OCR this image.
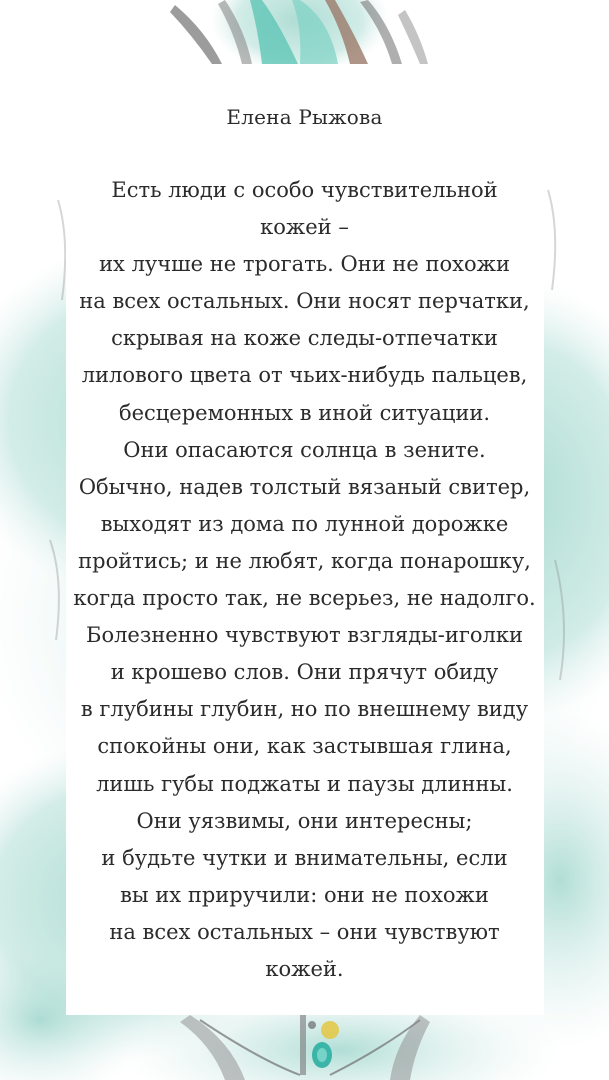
Елена Рыжова
Есть люди с особо чувствительной
кожей –
их лучше не трогать. Они не похожи
на всех остальных. Они носят перчатки,
скрывая на коже следы-отпечатки
лилового цвета от чьих-нибудь пальцев,
бесцеремонных в иной ситуации.
Они опасаются солнца в зените.
Обычно, надев толстый вязаный свитер,
выходят из дома по лунной дорожке
пройтись; и не любят, когда понарошку,
когда просто так, не всерьез, не надолго.
Болезненно чувствуют взгляды-иголки
и крошево слов. Они прячут обиду
в глубины глубин, но по внешнему виду
спокойны они, как застывшая глина,
лишь губы поджаты и паузы длинны.
Они уязвимы, они интересны;
и будьте чутки и внимательны, если
вы их приручили: они не похожи
на всех остальных – они чувствуют
кожей.
